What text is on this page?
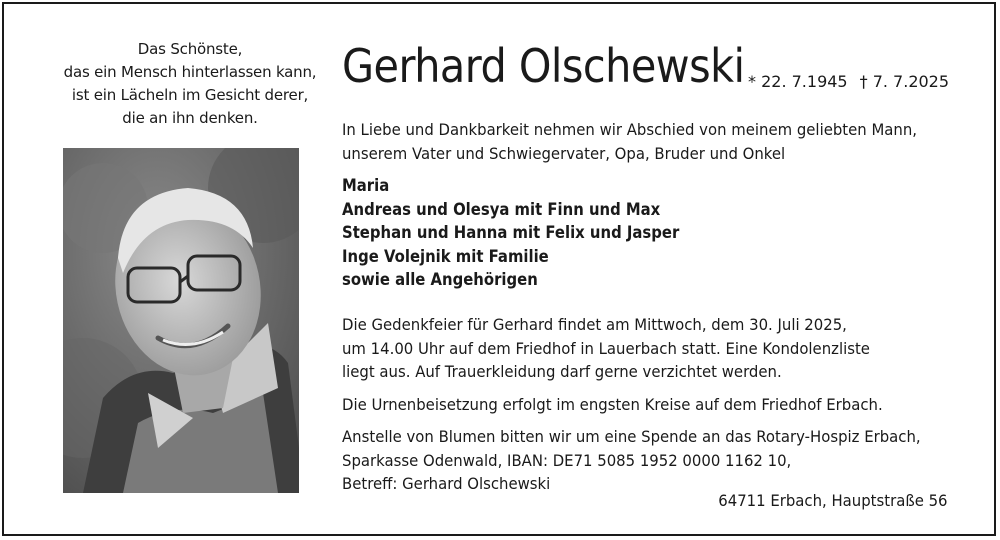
Das Schönste,
das ein Mensch hinterlassen kann,
ist ein Lächeln im Gesicht derer,
die an ihn denken.
Gerhard Olschewski * 22. 7.1945 † 7. 7.2025
In Liebe und Dankbarkeit nehmen wir Abschied von meinem geliebten Mann,
unserem Vater und Schwiegervater, Opa, Bruder und Onkel
Maria
Andreas und Olesya mit Finn und Max
Stephan und Hanna mit Felix und Jasper
Inge Volejnik mit Familie
sowie alle Angehörigen
Die Gedenkfeier für Gerhard findet am Mittwoch, dem 30. Juli 2025,
um 14.00 Uhr auf dem Friedhof in Lauerbach statt. Eine Kondolenzliste
liegt aus. Auf Trauerkleidung darf gerne verzichtet werden.
Die Urnenbeisetzung erfolgt im engsten Kreise auf dem Friedhof Erbach.
Anstelle von Blumen bitten wir um eine Spende an das Rotary-Hospiz Erbach,
Sparkasse Odenwald, IBAN: DE71 5085 1952 0000 1162 10,
Betreff: Gerhard Olschewski
64711 Erbach, Hauptstraße 56
